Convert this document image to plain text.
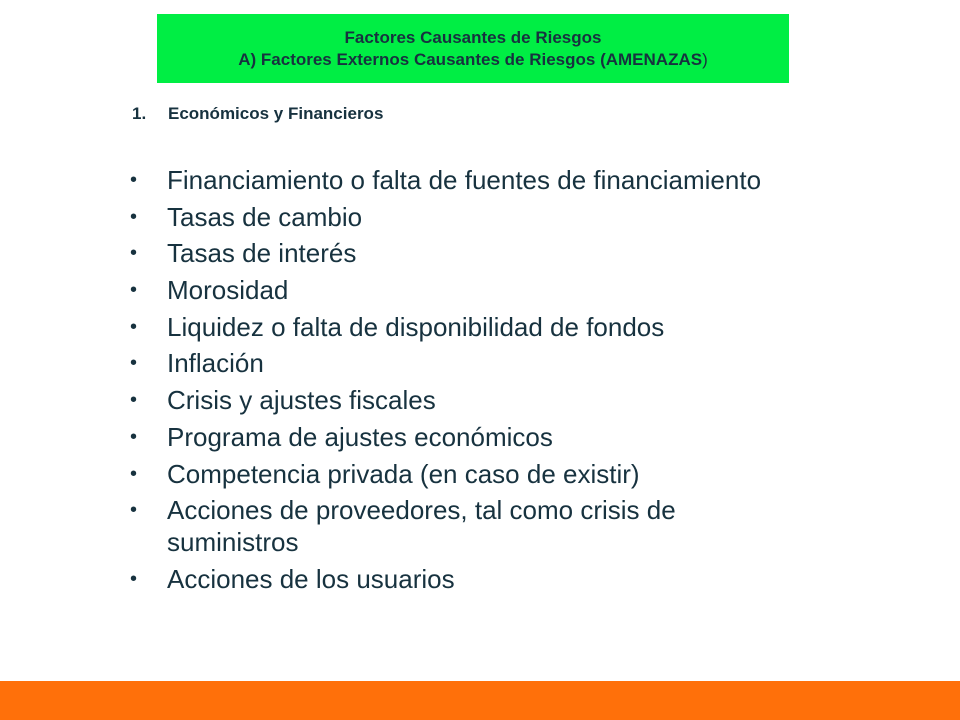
Factores Causantes de Riesgos
A) Factores Externos Causantes de Riesgos (AMENAZAS)
1. Económicos y Financieros
• Financiamiento o falta de fuentes de financiamiento
• Tasas de cambio
• Tasas de interés
• Morosidad
• Liquidez o falta de disponibilidad de fondos
• Inflación
• Crisis y ajustes fiscales
• Programa de ajustes económicos
• Competencia privada (en caso de existir)
• Acciones de proveedores, tal como crisis de suministros
• Acciones de los usuarios
